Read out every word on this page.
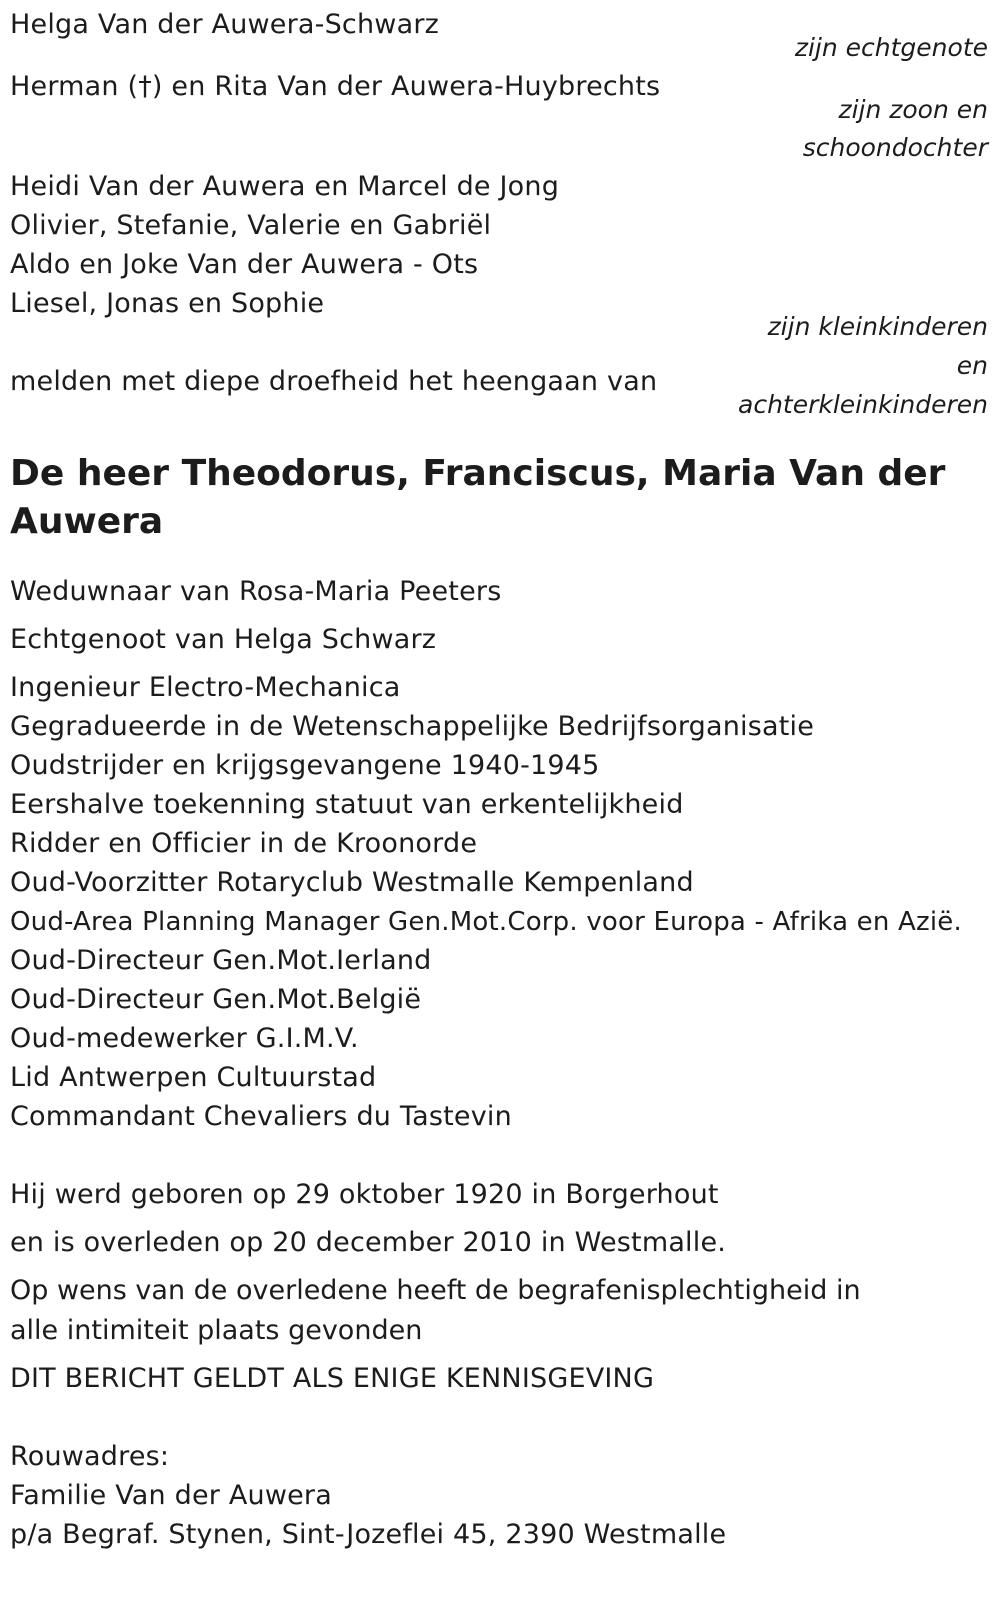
Helga Van der Auwera-Schwarz

zijn echtgenote

Herman (†) en Rita Van der Auwera-Huybrechts

zijn zoon en

schoondochter

Heidi Van der Auwera en Marcel de Jong

Olivier, Stefanie, Valerie en Gabriël

Aldo en Joke Van der Auwera - Ots

Liesel, Jonas en Sophie

zijn kleinkinderen

en

achterkleinkinderen

melden met diepe droefheid het heengaan van

De heer Theodorus, Franciscus, Maria Van der Auwera

Weduwnaar van Rosa-Maria Peeters

Echtgenoot van Helga Schwarz

Ingenieur Electro-Mechanica

Gegradueerde in de Wetenschappelijke Bedrijfsorganisatie

Oudstrijder en krijgsgevangene 1940-1945

Eershalve toekenning statuut van erkentelijkheid

Ridder en Officier in de Kroonorde

Oud-Voorzitter Rotaryclub Westmalle Kempenland

Oud-Area Planning Manager Gen.Mot.Corp. voor Europa - Afrika en Azië.

Oud-Directeur Gen.Mot.Ierland

Oud-Directeur Gen.Mot.België

Oud-medewerker G.I.M.V.

Lid Antwerpen Cultuurstad

Commandant Chevaliers du Tastevin

Hij werd geboren op 29 oktober 1920 in Borgerhout

en is overleden op 20 december 2010 in Westmalle.

Op wens van de overledene heeft de begrafenisplechtigheid in alle intimiteit plaats gevonden

DIT BERICHT GELDT ALS ENIGE KENNISGEVING

Rouwadres:

Familie Van der Auwera

p/a Begraf. Stynen, Sint-Jozeflei 45, 2390 Westmalle
